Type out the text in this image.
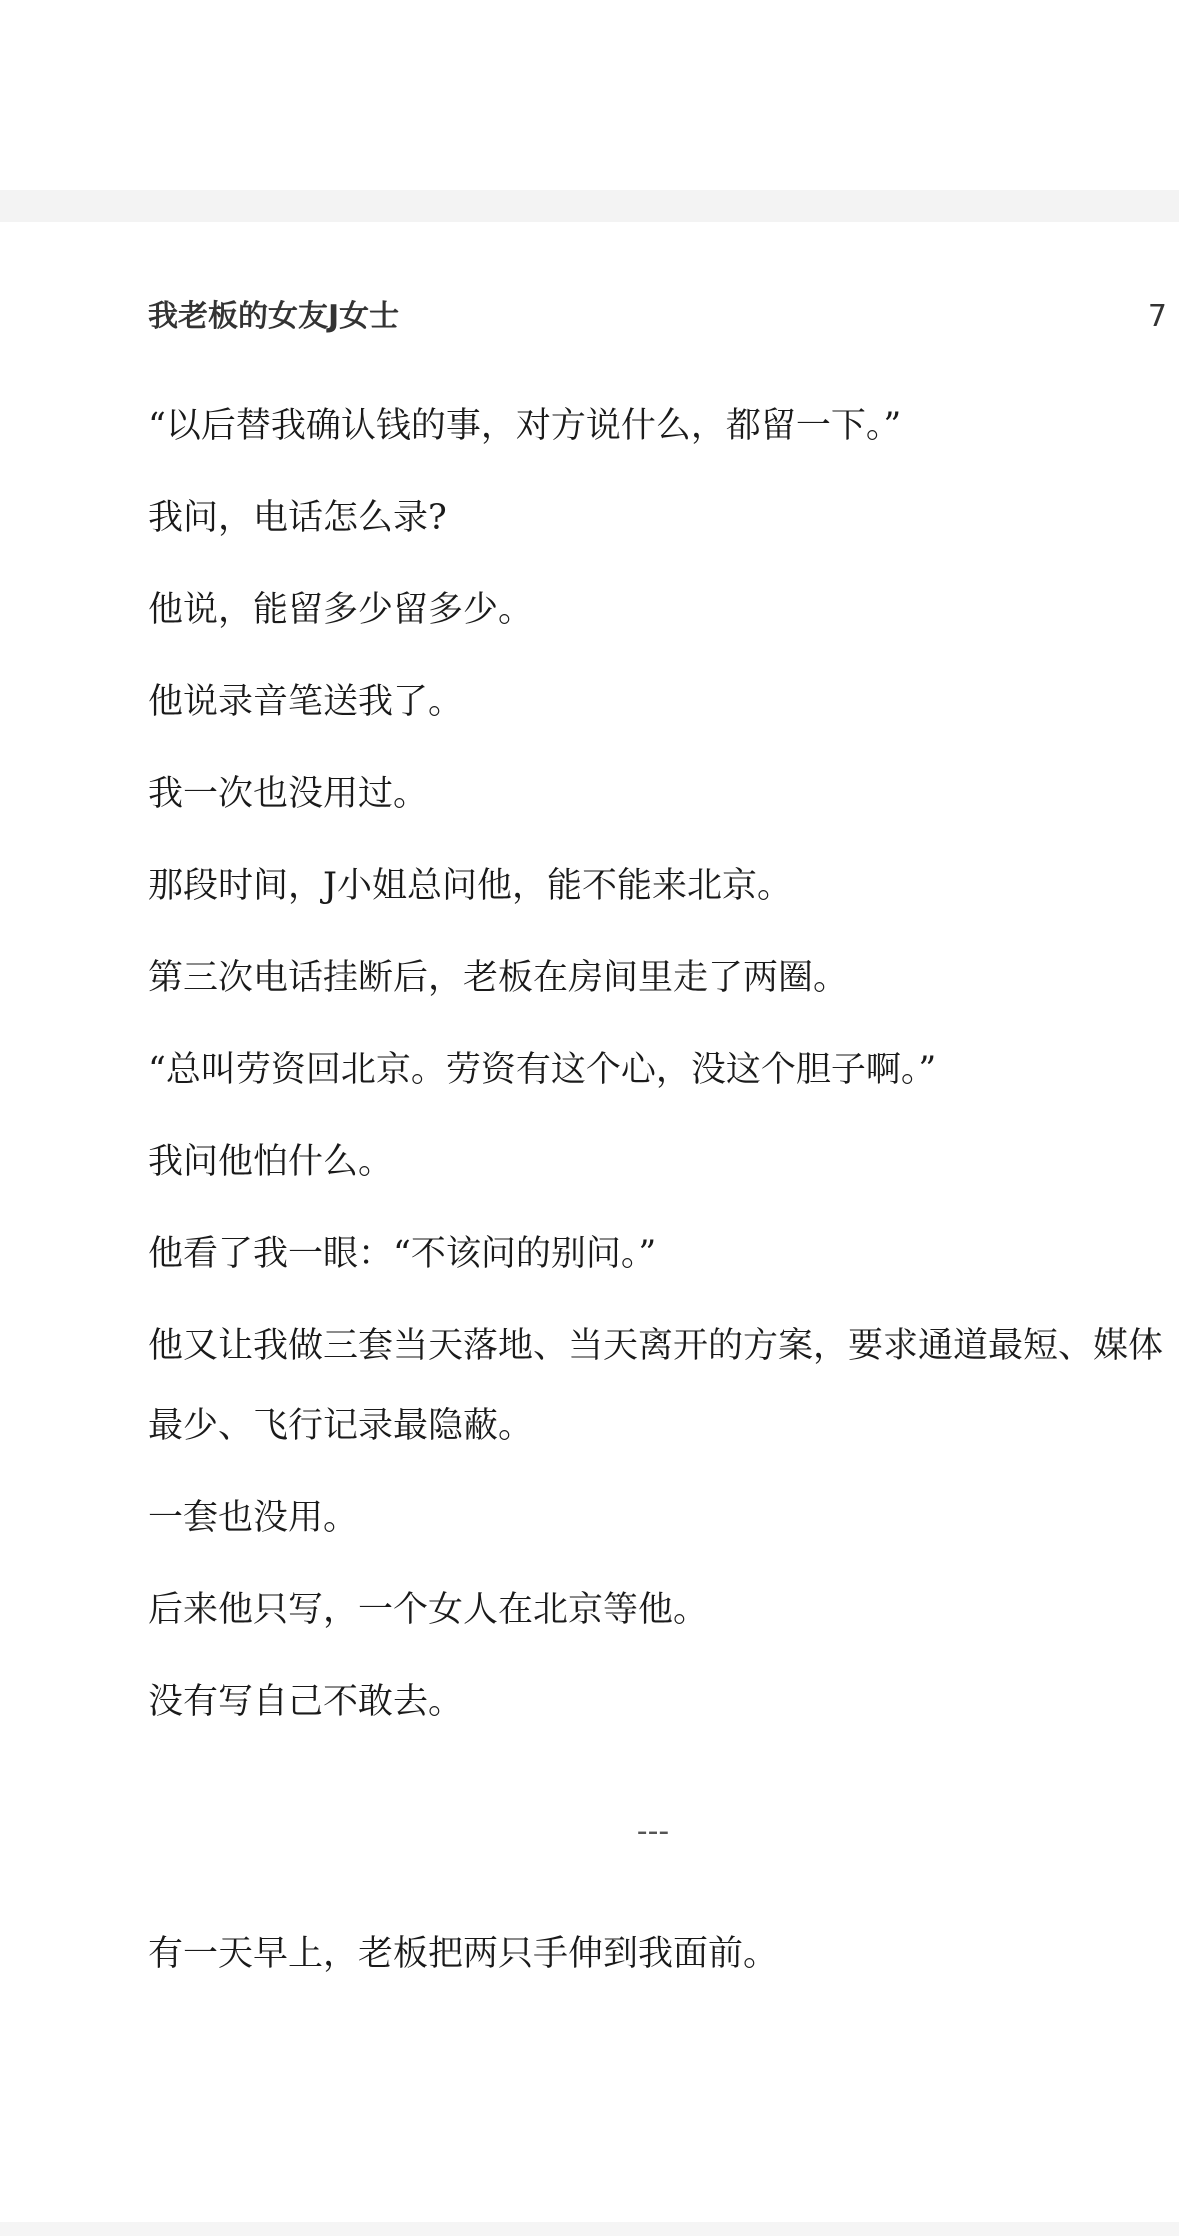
我老板的女友J女士	7

“以后替我确认钱的事，对方说什么，都留一下。”

我问，电话怎么录?

他说，能留多少留多少。

他说录音笔送我了。

我一次也没用过。

那段时间，J小姐总问他，能不能来北京。

第三次电话挂断后，老板在房间里走了两圈。

“总叫劳资回北京。劳资有这个心，没这个胆子啊。”

我问他怕什么。

他看了我一眼：“不该问的别问。”

他又让我做三套当天落地、当天离开的方案，要求通道最短、媒体最少、飞行记录最隐蔽。

一套也没用。

后来他只写，一个女人在北京等他。

没有写自己不敢去。

---

有一天早上，老板把两只手伸到我面前。
